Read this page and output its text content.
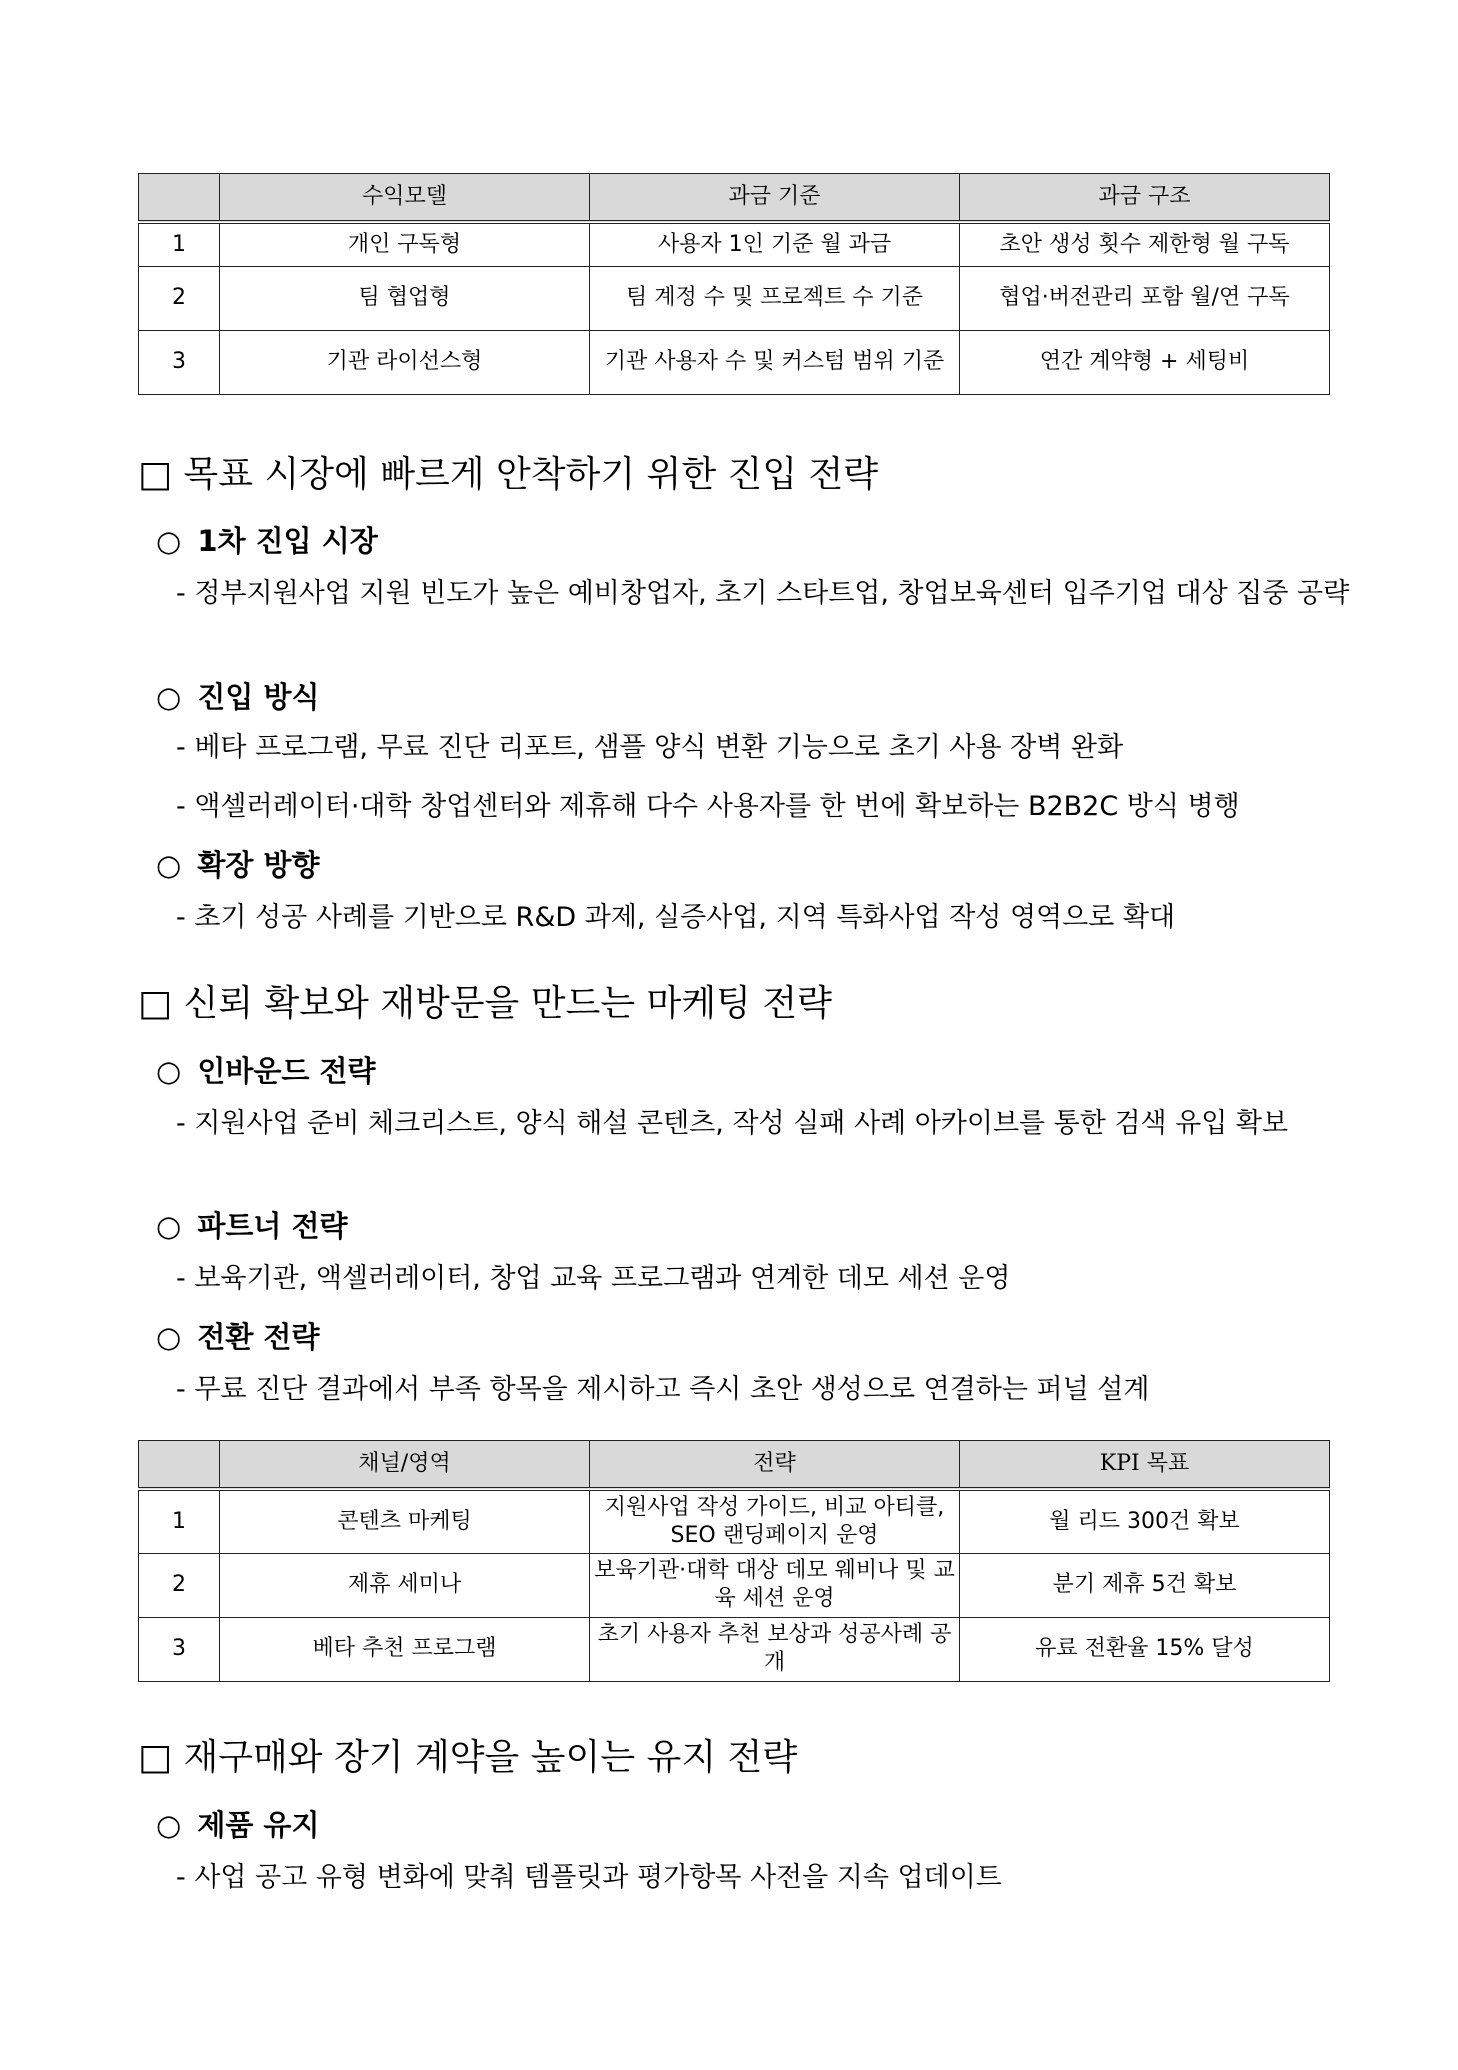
	수익모델	과금 기준	과금 구조
1	개인 구독형	사용자 1인 기준 월 과금	초안 생성 횟수 제한형 월 구독
2	팀 협업형	팀 계정 수 및 프로젝트 수 기준	협업·버전관리 포함 월/연 구독
3	기관 라이선스형	기관 사용자 수 및 커스텀 범위 기준	연간 계약형 + 세팅비
□ 목표 시장에 빠르게 안착하기 위한 진입 전략
○ 1차 진입 시장
- 정부지원사업 지원 빈도가 높은 예비창업자, 초기 스타트업, 창업보육센터 입주기업 대상 집중 공략
○ 진입 방식
- 베타 프로그램, 무료 진단 리포트, 샘플 양식 변환 기능으로 초기 사용 장벽 완화
- 액셀러레이터·대학 창업센터와 제휴해 다수 사용자를 한 번에 확보하는 B2B2C 방식 병행
○ 확장 방향
- 초기 성공 사례를 기반으로 R&D 과제, 실증사업, 지역 특화사업 작성 영역으로 확대
□ 신뢰 확보와 재방문을 만드는 마케팅 전략
○ 인바운드 전략
- 지원사업 준비 체크리스트, 양식 해설 콘텐츠, 작성 실패 사례 아카이브를 통한 검색 유입 확보
○ 파트너 전략
- 보육기관, 액셀러레이터, 창업 교육 프로그램과 연계한 데모 세션 운영
○ 전환 전략
- 무료 진단 결과에서 부족 항목을 제시하고 즉시 초안 생성으로 연결하는 퍼널 설계
	채널/영역	전략	KPI 목표
1	콘텐츠 마케팅	지원사업 작성 가이드, 비교 아티클, SEO 랜딩페이지 운영	월 리드 300건 확보
2	제휴 세미나	보육기관·대학 대상 데모 웨비나 및 교육 세션 운영	분기 제휴 5건 확보
3	베타 추천 프로그램	초기 사용자 추천 보상과 성공사례 공개	유료 전환율 15% 달성
□ 재구매와 장기 계약을 높이는 유지 전략
○ 제품 유지
- 사업 공고 유형 변화에 맞춰 템플릿과 평가항목 사전을 지속 업데이트
